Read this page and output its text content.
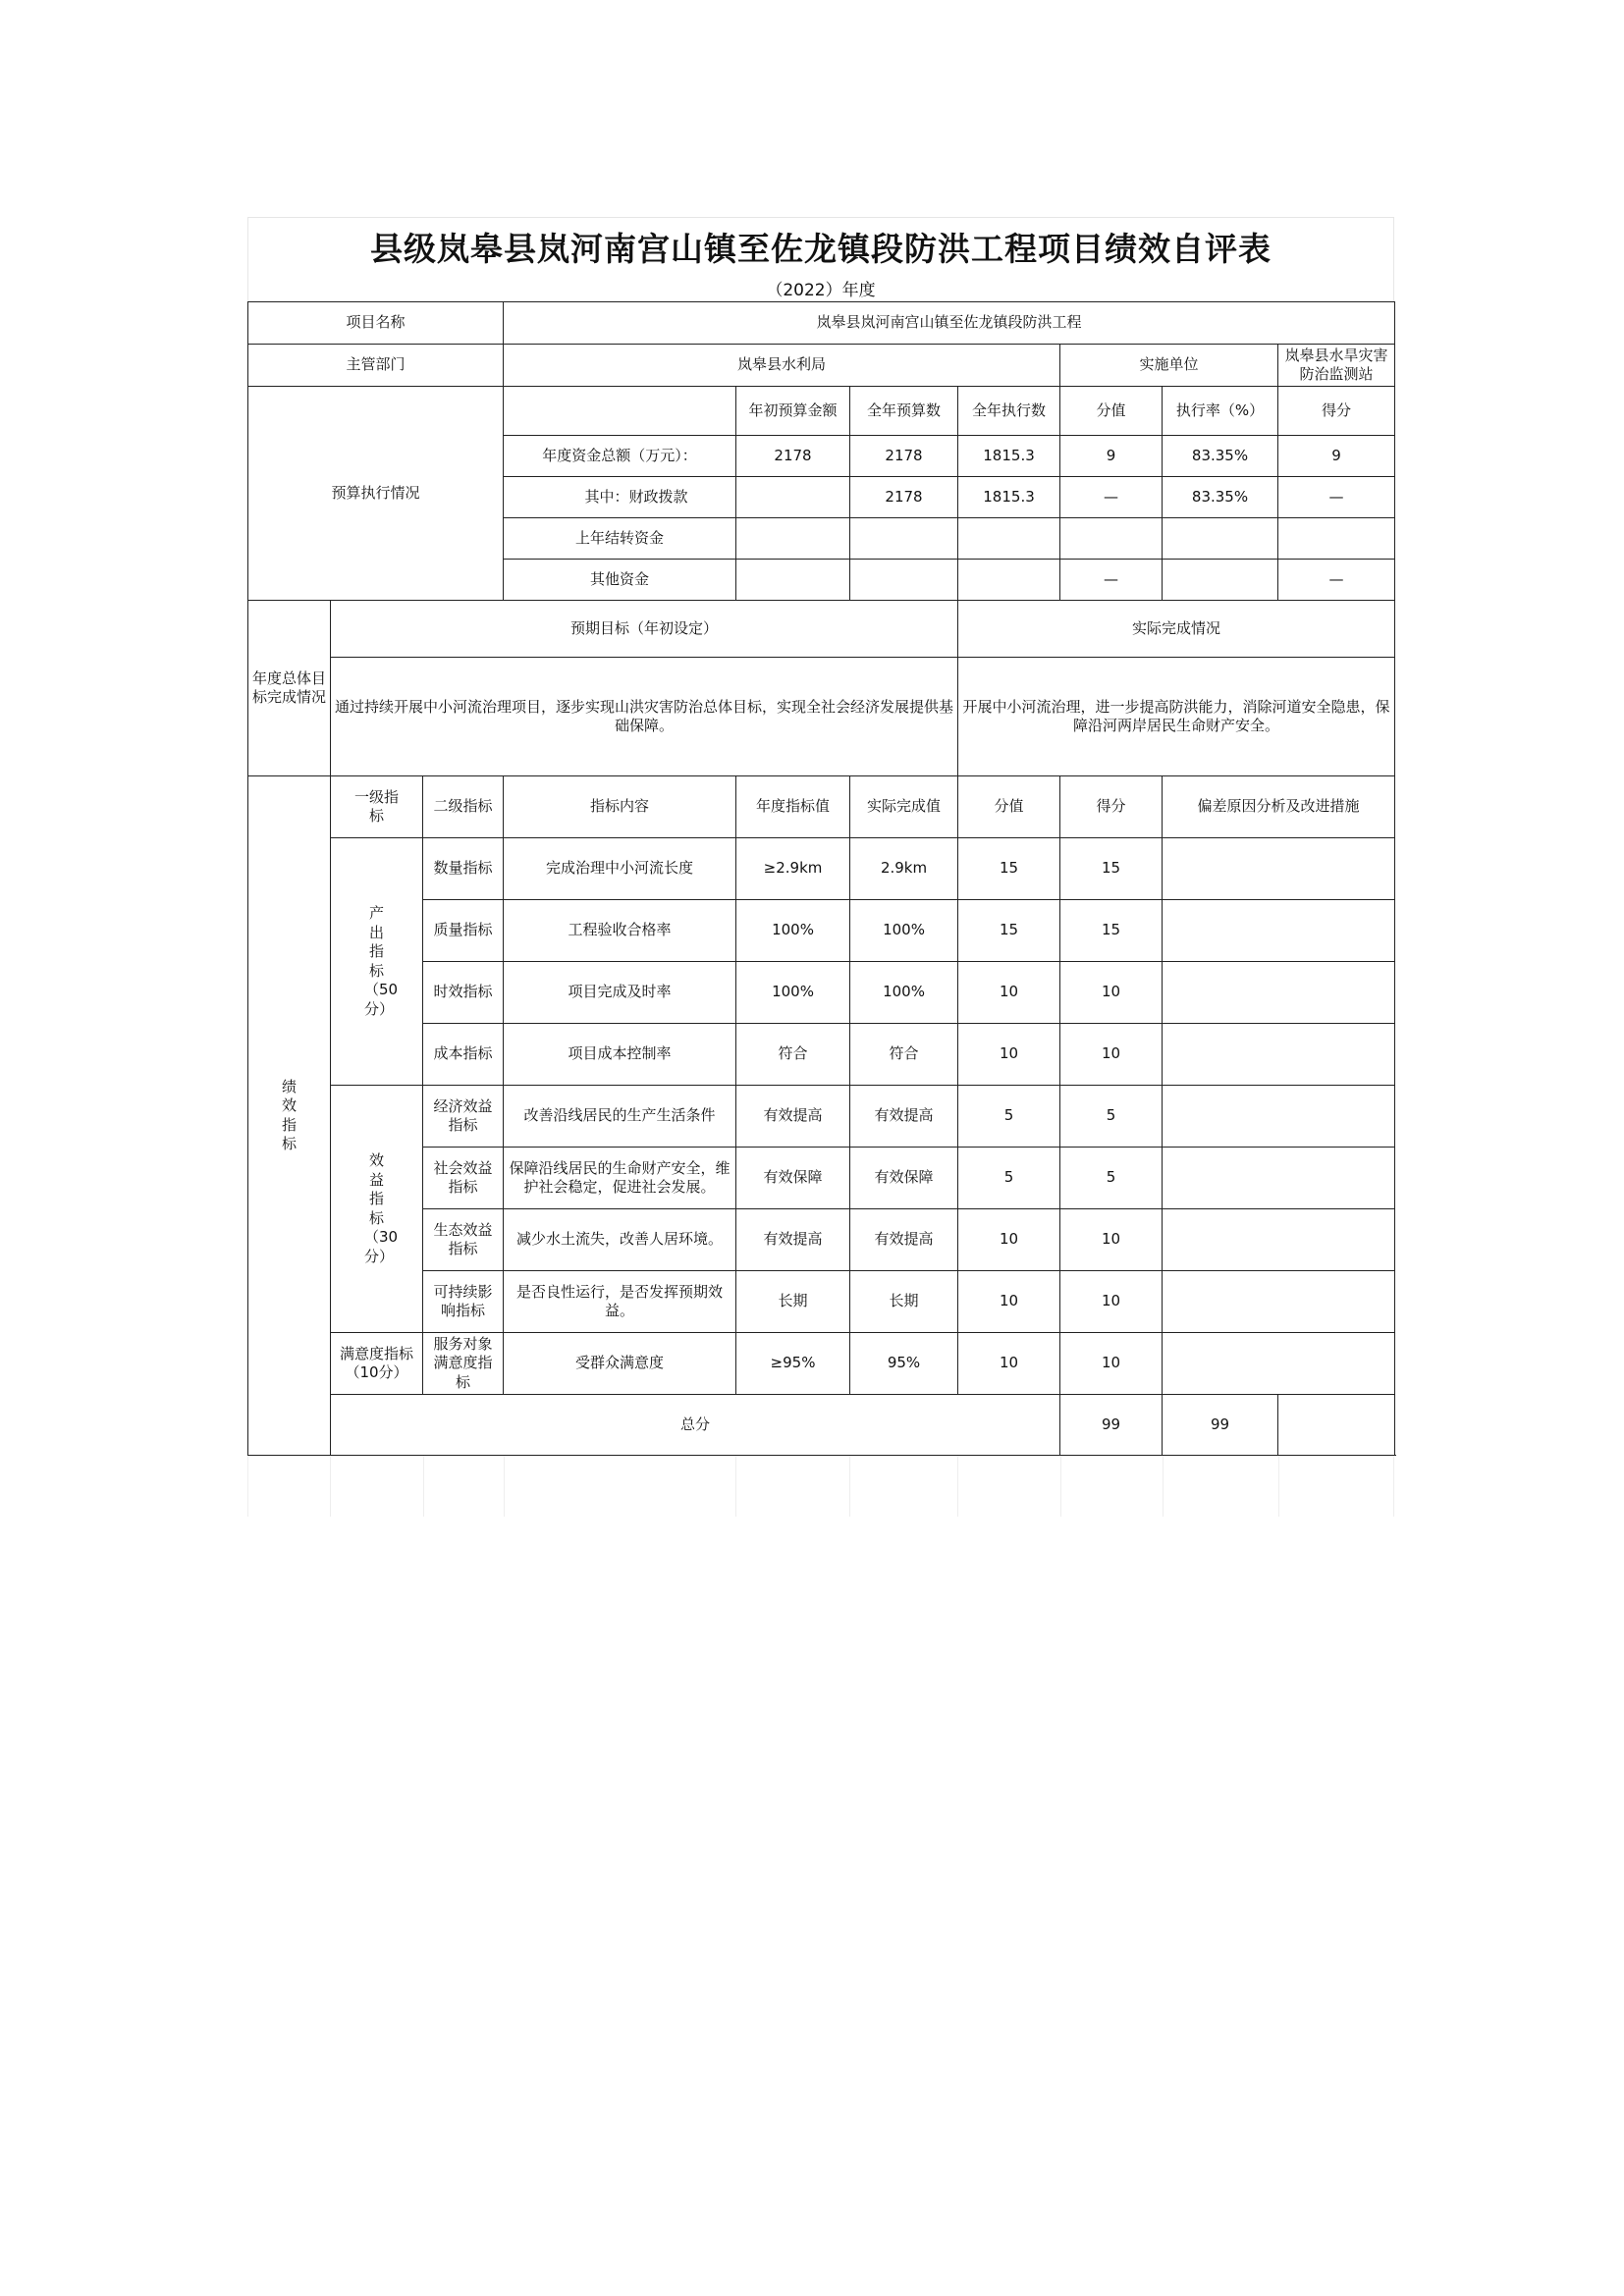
县级岚皋县岚河南宫山镇至佐龙镇段防洪工程项目绩效自评表
（2022）年度
项目名称			岚皋县岚河南宫山镇至佐龙镇段防洪工程						
主管部门			岚皋县水利局				实施单位		岚皋县水旱灾害防治监测站
预算执行情况				年初预算金额	全年预算数	全年执行数	分值	执行率（%）	得分
			年度资金总额（万元）：	2178	2178	1815.3	9	83.35%	9
			其中：财政拨款		2178	1815.3	—	83.35%	—
			上年结转资金						
			其他资金				—		—
年度总体目标完成情况	预期目标（年初设定）					实际完成情况			
	通过持续开展中小河流治理项目，逐步实现山洪灾害防治总体目标，实现全社会经济发展提供基础保障。					开展中小河流治理，进一步提高防洪能力，消除河道安全隐患，保障沿河两岸居民生命财产安全。			
绩效指标	一级指标	二级指标	指标内容	年度指标值	实际完成值	分值	得分	偏差原因分析及改进措施	
	产出指标（50分）	数量指标	完成治理中小河流长度	≥2.9km	2.9km	15	15		
		质量指标	工程验收合格率	100%	100%	15	15		
		时效指标	项目完成及时率	100%	100%	10	10		
		成本指标	项目成本控制率	符合	符合	10	10		
	效益指标（30分）	经济效益指标	改善沿线居民的生产生活条件	有效提高	有效提高	5	5		
		社会效益指标	保障沿线居民的生命财产安全，维护社会稳定，促进社会发展。	有效保障	有效保障	5	5		
		生态效益指标	减少水土流失，改善人居环境。	有效提高	有效提高	10	10		
		可持续影响指标	是否良性运行，是否发挥预期效益。	长期	长期	10	10		
	满意度指标（10分）	服务对象满意度指标	受群众满意度	≥95%	95%	10	10		
	总分						99	99	
